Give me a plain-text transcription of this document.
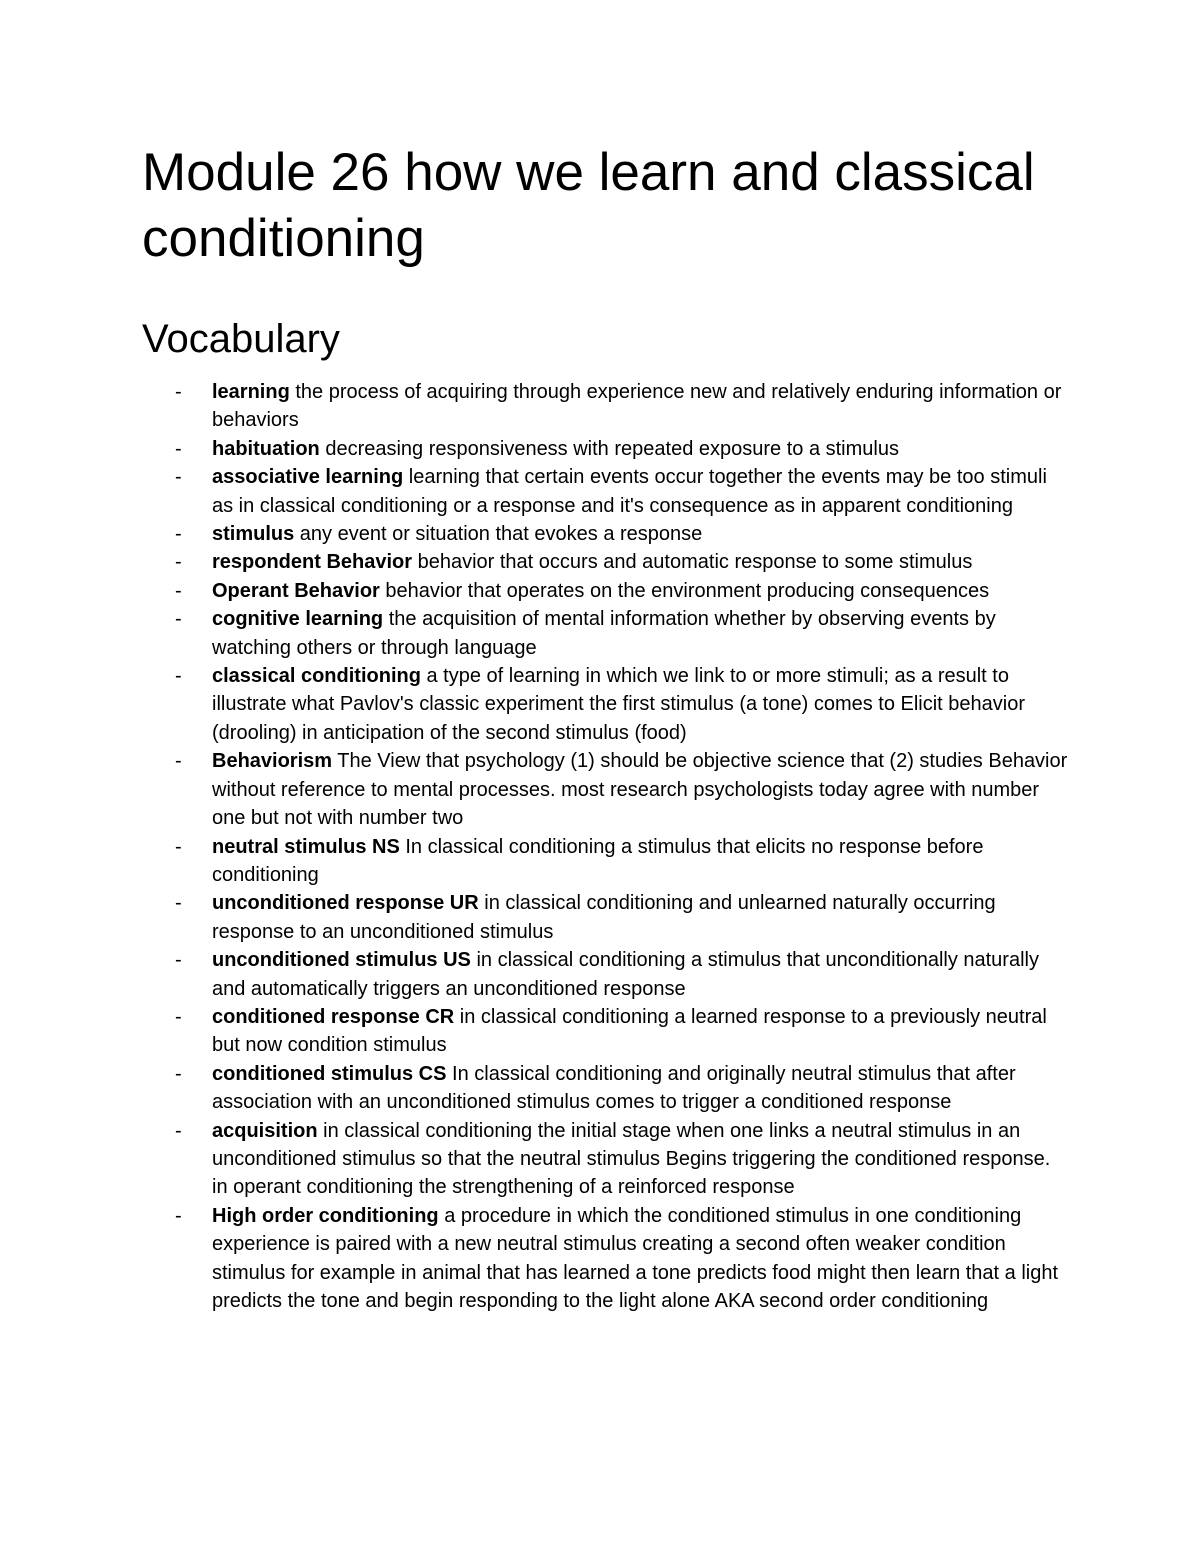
Module 26 how we learn and classical conditioning
Vocabulary
- learning the process of acquiring through experience new and relatively enduring information or behaviors
- habituation decreasing responsiveness with repeated exposure to a stimulus
- associative learning learning that certain events occur together the events may be too stimuli as in classical conditioning or a response and it's consequence as in apparent conditioning
- stimulus any event or situation that evokes a response
- respondent Behavior behavior that occurs and automatic response to some stimulus
- Operant Behavior behavior that operates on the environment producing consequences
- cognitive learning the acquisition of mental information whether by observing events by watching others or through language
- classical conditioning a type of learning in which we link to or more stimuli; as a result to illustrate what Pavlov's classic experiment the first stimulus (a tone) comes to Elicit behavior (drooling) in anticipation of the second stimulus (food)
- Behaviorism The View that psychology (1) should be objective science that (2) studies Behavior without reference to mental processes. most research psychologists today agree with number one but not with number two
- neutral stimulus NS In classical conditioning a stimulus that elicits no response before conditioning
- unconditioned response UR in classical conditioning and unlearned naturally occurring response to an unconditioned stimulus
- unconditioned stimulus US in classical conditioning a stimulus that unconditionally naturally and automatically triggers an unconditioned response
- conditioned response CR in classical conditioning a learned response to a previously neutral but now condition stimulus
- conditioned stimulus CS In classical conditioning and originally neutral stimulus that after association with an unconditioned stimulus comes to trigger a conditioned response
- acquisition in classical conditioning the initial stage when one links a neutral stimulus in an unconditioned stimulus so that the neutral stimulus Begins triggering the conditioned response. in operant conditioning the strengthening of a reinforced response
- High order conditioning a procedure in which the conditioned stimulus in one conditioning experience is paired with a new neutral stimulus creating a second often weaker condition stimulus for example in animal that has learned a tone predicts food might then learn that a light predicts the tone and begin responding to the light alone AKA second order conditioning
